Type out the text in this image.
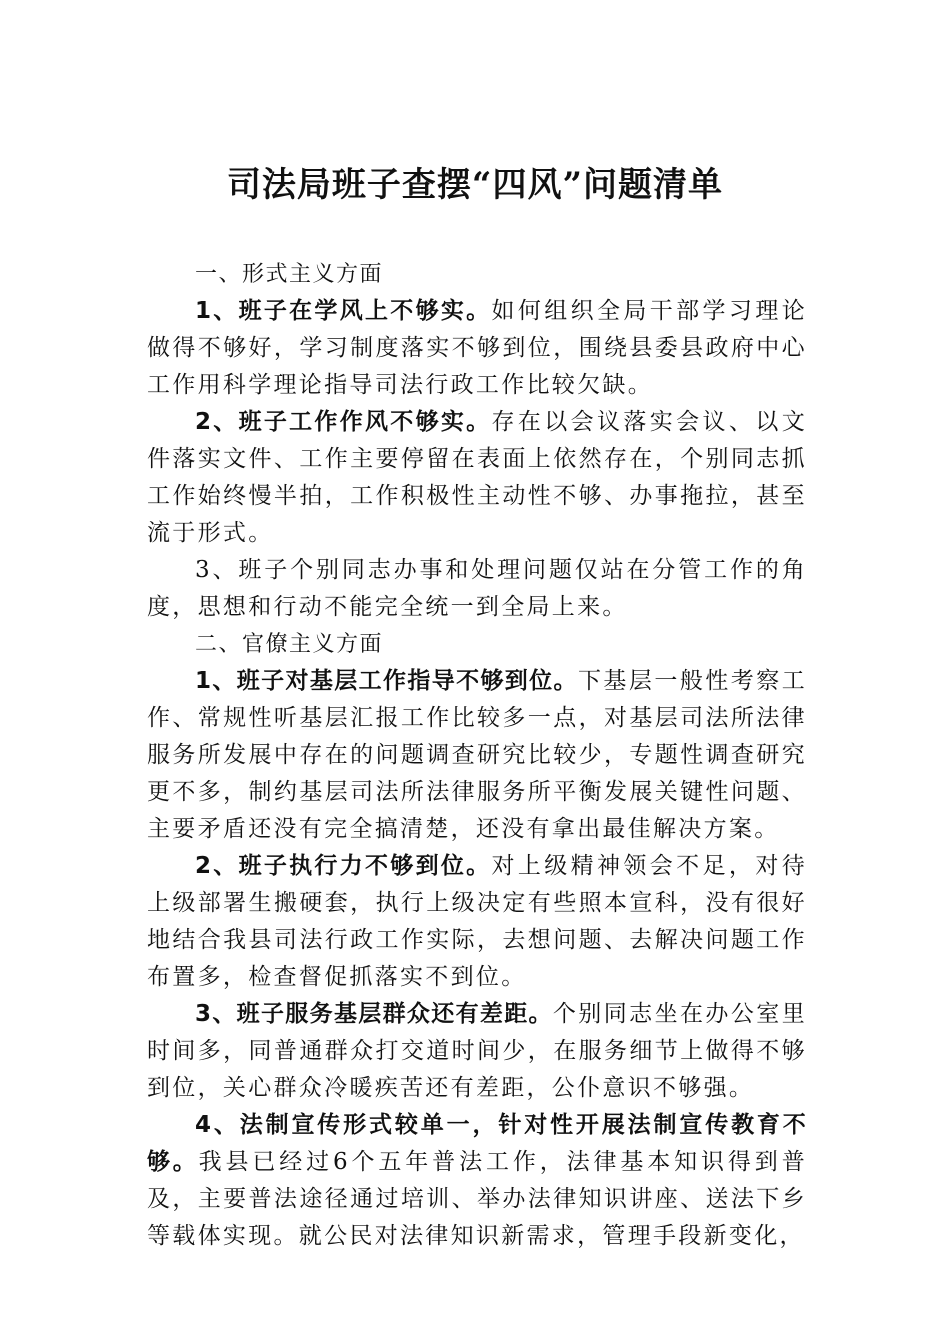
司法局班子查摆“四风”问题清单

一、形式主义方面

1、班子在学风上不够实。如何组织全局干部学习理论做得不够好，学习制度落实不够到位，围绕县委县政府中心工作用科学理论指导司法行政工作比较欠缺。

2、班子工作作风不够实。存在以会议落实会议、以文件落实文件、工作主要停留在表面上依然存在，个别同志抓工作始终慢半拍，工作积极性主动性不够、办事拖拉，甚至流于形式。

3、班子个别同志办事和处理问题仅站在分管工作的角度，思想和行动不能完全统一到全局上来。

二、官僚主义方面

1、班子对基层工作指导不够到位。下基层一般性考察工作、常规性听基层汇报工作比较多一点，对基层司法所法律服务所发展中存在的问题调查研究比较少，专题性调查研究更不多，制约基层司法所法律服务所平衡发展关键性问题、主要矛盾还没有完全搞清楚，还没有拿出最佳解决方案。

2、班子执行力不够到位。对上级精神领会不足，对待上级部署生搬硬套，执行上级决定有些照本宣科，没有很好地结合我县司法行政工作实际，去想问题、去解决问题工作布置多，检查督促抓落实不到位。

3、班子服务基层群众还有差距。个别同志坐在办公室里时间多，同普通群众打交道时间少，在服务细节上做得不够到位，关心群众冷暖疾苦还有差距，公仆意识不够强。

4、法制宣传形式较单一，针对性开展法制宣传教育不够。我县已经过6个五年普法工作，法律基本知识得到普及，主要普法途径通过培训、举办法律知识讲座、送法下乡等载体实现。就公民对法律知识新需求，管理手段新变化，
